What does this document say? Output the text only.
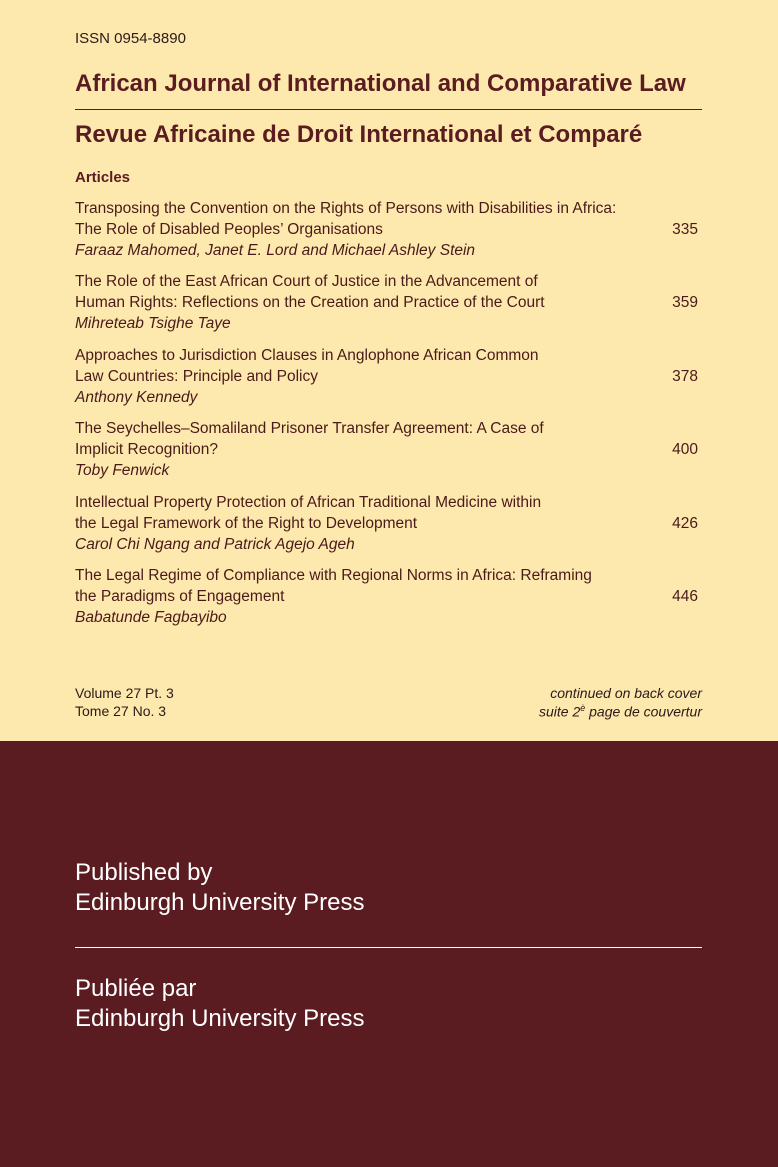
ISSN 0954-8890
African Journal of International and Comparative Law
Revue Africaine de Droit International et Comparé
Articles
Transposing the Convention on the Rights of Persons with Disabilities in Africa:
The Role of Disabled Peoples’ Organisations
Faraaz Mahomed, Janet E. Lord and Michael Ashley Stein
335
The Role of the East African Court of Justice in the Advancement of
Human Rights: Reflections on the Creation and Practice of the Court
Mihreteab Tsighe Taye
359
Approaches to Jurisdiction Clauses in Anglophone African Common
Law Countries: Principle and Policy
Anthony Kennedy
378
The Seychelles–Somaliland Prisoner Transfer Agreement: A Case of
Implicit Recognition?
Toby Fenwick
400
Intellectual Property Protection of African Traditional Medicine within
the Legal Framework of the Right to Development
Carol Chi Ngang and Patrick Agejo Ageh
426
The Legal Regime of Compliance with Regional Norms in Africa: Reframing
the Paradigms of Engagement
Babatunde Fagbayibo
446
Volume 27 Pt. 3
Tome 27 No. 3
continued on back cover
suite $2^è$ page de couvertur
Published by
Edinburgh University Press
Publiée par
Edinburgh University Press
